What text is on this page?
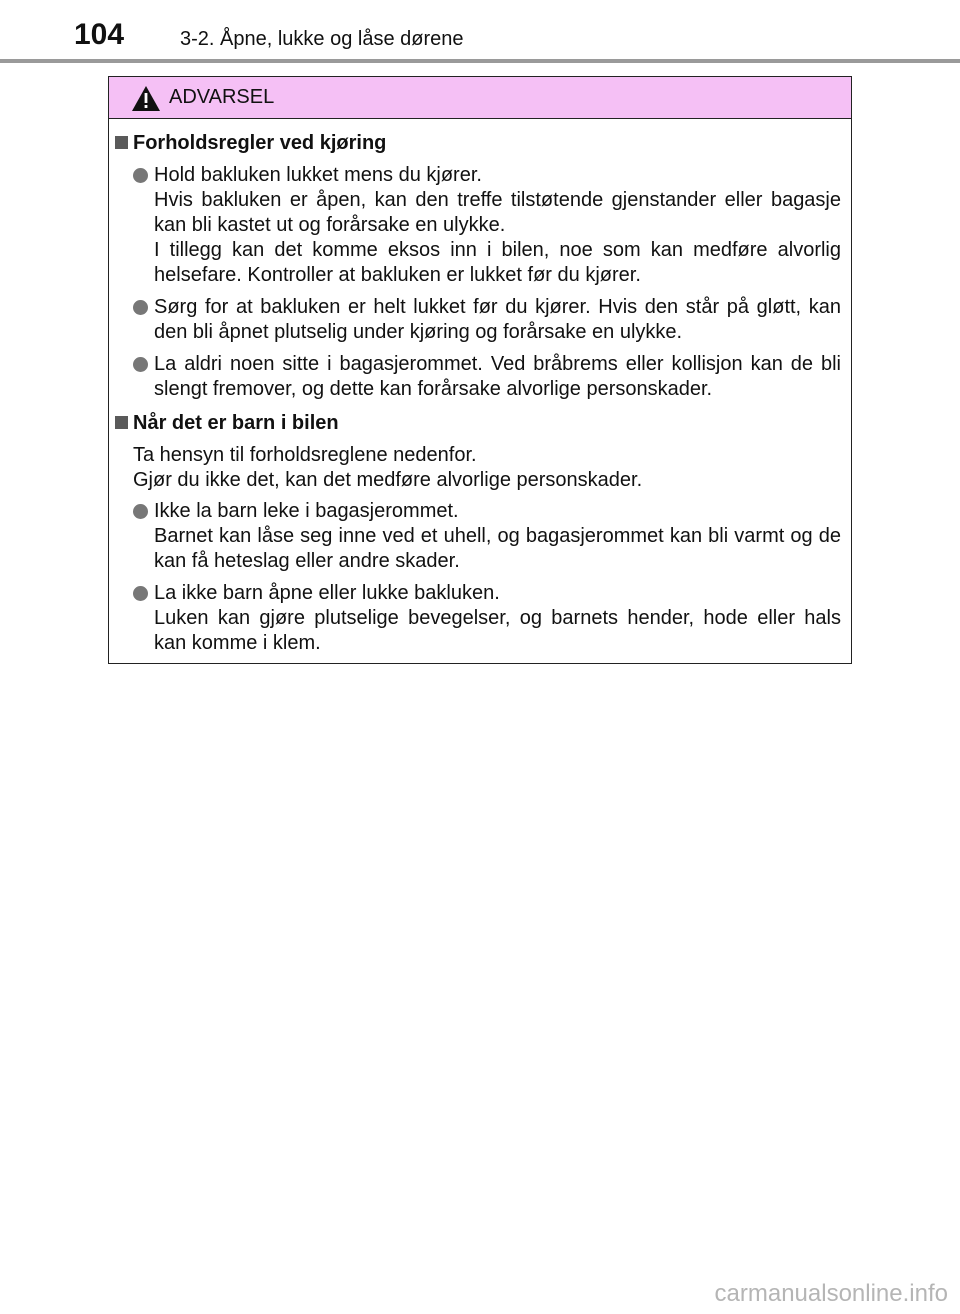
104	3-2. Åpne, lukke og låse dørene
ADVARSEL
Forholdsregler ved kjøring
Hold bakluken lukket mens du kjører.
Hvis bakluken er åpen, kan den treffe tilstøtende gjenstander eller bagasje kan bli kastet ut og forårsake en ulykke.
I tillegg kan det komme eksos inn i bilen, noe som kan medføre alvorlig helsefare. Kontroller at bakluken er lukket før du kjører.
Sørg for at bakluken er helt lukket før du kjører. Hvis den står på gløtt, kan den bli åpnet plutselig under kjøring og forårsake en ulykke.
La aldri noen sitte i bagasjerommet. Ved bråbrems eller kollisjon kan de bli slengt fremover, og dette kan forårsake alvorlige personskader.
Når det er barn i bilen
Ta hensyn til forholdsreglene nedenfor.
Gjør du ikke det, kan det medføre alvorlige personskader.
Ikke la barn leke i bagasjerommet.
Barnet kan låse seg inne ved et uhell, og bagasjerommet kan bli varmt og de kan få heteslag eller andre skader.
La ikke barn åpne eller lukke bakluken.
Luken kan gjøre plutselige bevegelser, og barnets hender, hode eller hals kan komme i klem.
carmanualsonline.info
